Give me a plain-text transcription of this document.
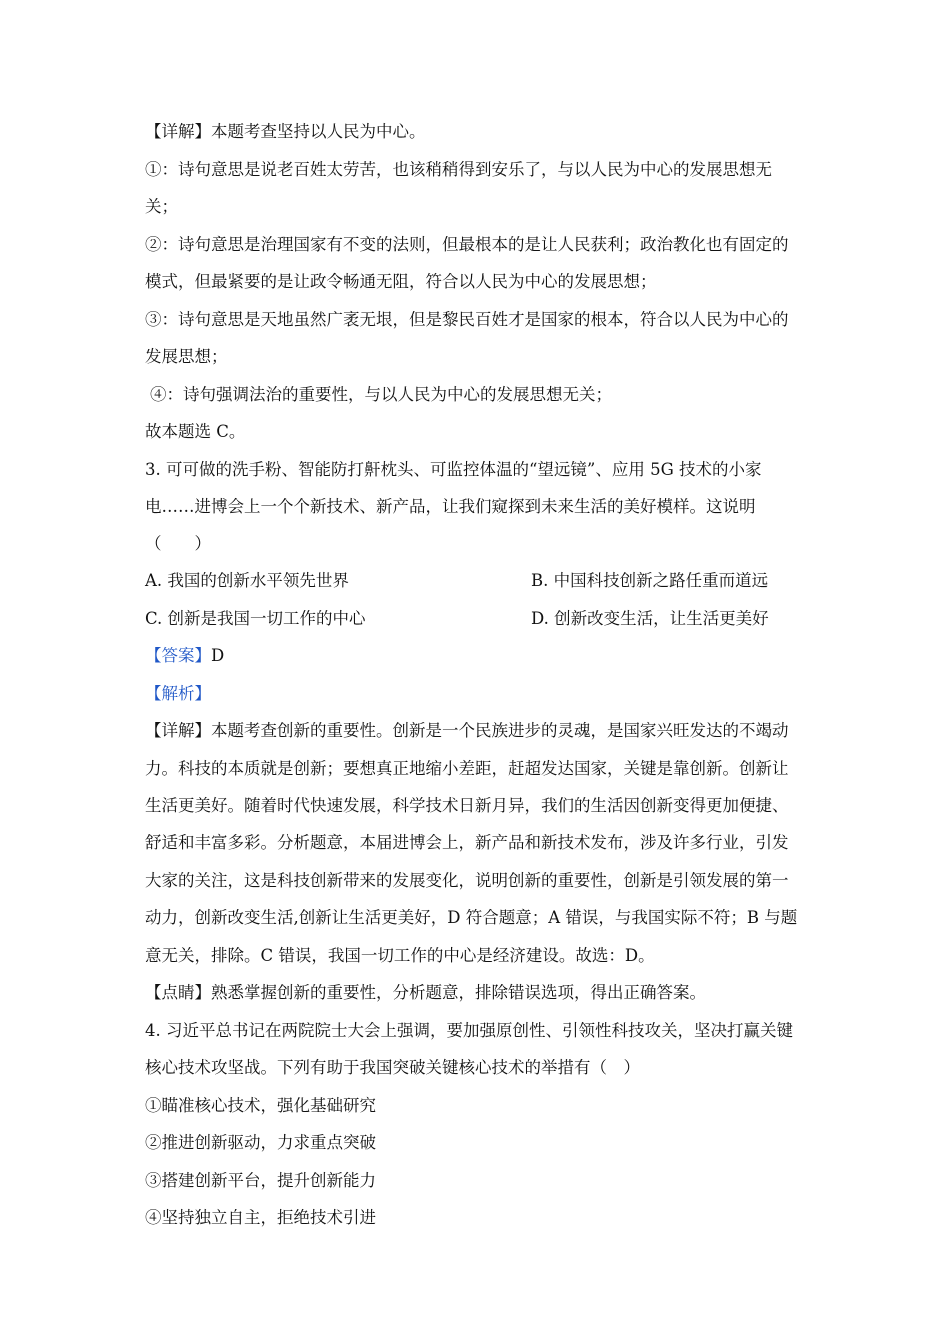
【详解】本题考查坚持以人民为中心。
①：诗句意思是说老百姓太劳苦，也该稍稍得到安乐了，与以人民为中心的发展思想无
关；
②：诗句意思是治理国家有不变的法则，但最根本的是让人民获利；政治教化也有固定的
模式，但最紧要的是让政令畅通无阻，符合以人民为中心的发展思想；
③：诗句意思是天地虽然广袤无垠，但是黎民百姓才是国家的根本，符合以人民为中心的
发展思想；
④：诗句强调法治的重要性，与以人民为中心的发展思想无关；
故本题选 C。
3. 可可做的洗手粉、智能防打鼾枕头、可监控体温的“望远镜”、应用 5G 技术的小家
电……进博会上一个个新技术、新产品，让我们窥探到未来生活的美好模样。这说明
（　　）
A. 我国的创新水平领先世界	B. 中国科技创新之路任重而道远
C. 创新是我国一切工作的中心	D. 创新改变生活，让生活更美好
【答案】D
【解析】
【详解】本题考查创新的重要性。创新是一个民族进步的灵魂，是国家兴旺发达的不竭动
力。科技的本质就是创新；要想真正地缩小差距，赶超发达国家，关键是靠创新。创新让
生活更美好。随着时代快速发展，科学技术日新月异，我们的生活因创新变得更加便捷、
舒适和丰富多彩。分析题意，本届进博会上，新产品和新技术发布，涉及许多行业，引发
大家的关注，这是科技创新带来的发展变化，说明创新的重要性，创新是引领发展的第一
动力，创新改变生活,创新让生活更美好，D 符合题意；A 错误，与我国实际不符；B 与题
意无关，排除。C 错误，我国一切工作的中心是经济建设。故选：D。
【点睛】熟悉掌握创新的重要性，分析题意，排除错误选项，得出正确答案。
4. 习近平总书记在两院院士大会上强调，要加强原创性、引领性科技攻关，坚决打赢关键
核心技术攻坚战。下列有助于我国突破关键核心技术的举措有（　）
①瞄准核心技术，强化基础研究
②推进创新驱动，力求重点突破
③搭建创新平台，提升创新能力
④坚持独立自主，拒绝技术引进
